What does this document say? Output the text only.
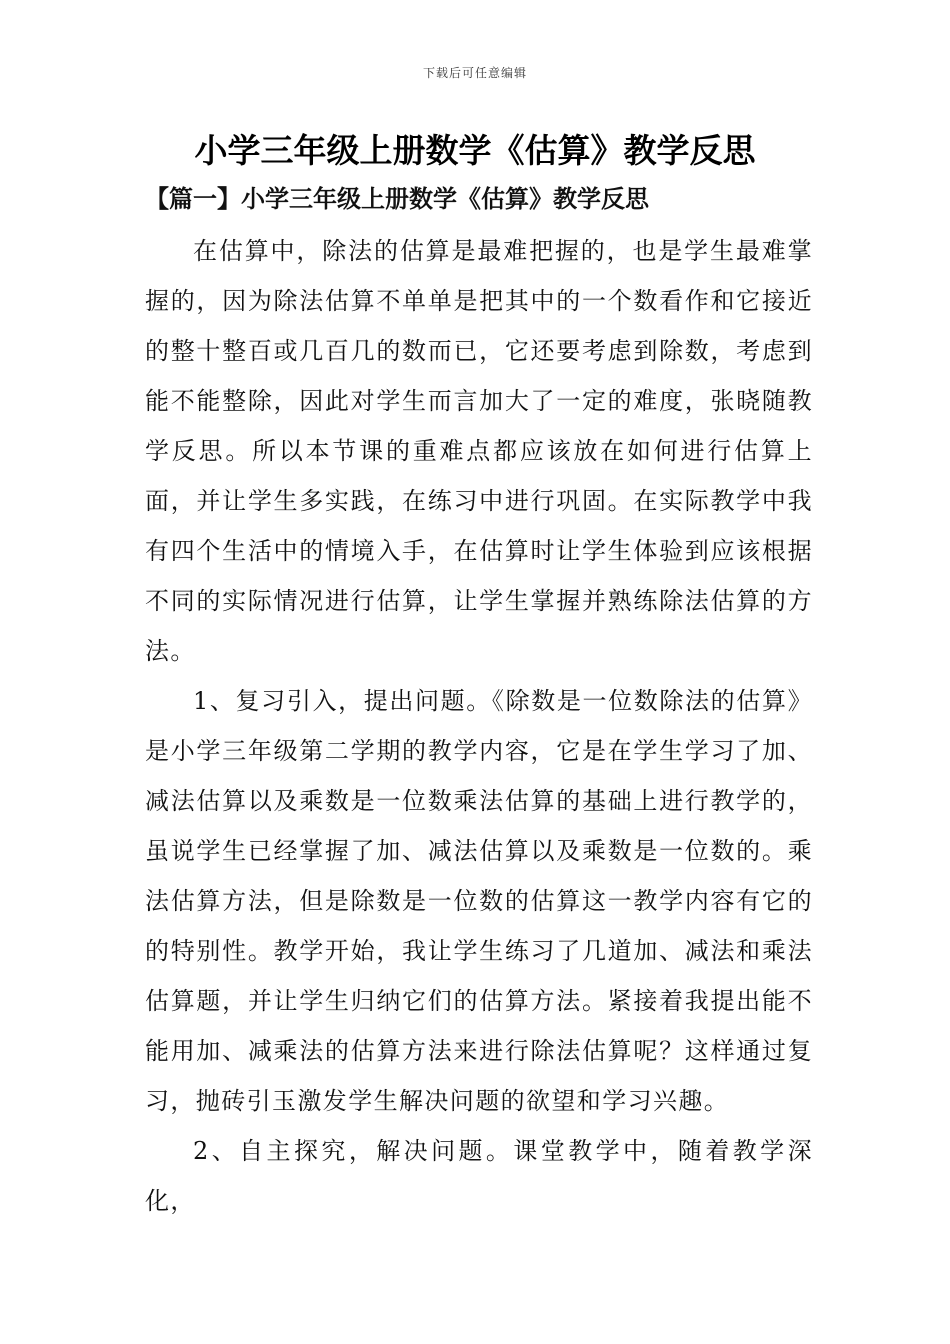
下载后可任意编辑
小学三年级上册数学《估算》教学反思
【篇一】小学三年级上册数学《估算》教学反思

在估算中，除法的估算是最难把握的，也是学生最难掌握的，因为除法估算不单单是把其中的一个数看作和它接近的整十整百或几百几的数而已，它还要考虑到除数，考虑到能不能整除，因此对学生而言加大了一定的难度，张晓随教学反思。所以本节课的重难点都应该放在如何进行估算上面，并让学生多实践，在练习中进行巩固。在实际教学中我有四个生活中的情境入手，在估算时让学生体验到应该根据不同的实际情况进行估算，让学生掌握并熟练除法估算的方法。

1、复习引入，提出问题。《除数是一位数除法的估算》是小学三年级第二学期的教学内容，它是在学生学习了加、减法估算以及乘数是一位数乘法估算的基础上进行教学的，虽说学生已经掌握了加、减法估算以及乘数是一位数的。乘法估算方法，但是除数是一位数的估算这一教学内容有它的的特别性。教学开始，我让学生练习了几道加、减法和乘法估算题，并让学生归纳它们的估算方法。紧接着我提出能不能用加、减乘法的估算方法来进行除法估算呢？这样通过复习，抛砖引玉激发学生解决问题的欲望和学习兴趣。

2、自主探究，解决问题。课堂教学中，随着教学深化，
